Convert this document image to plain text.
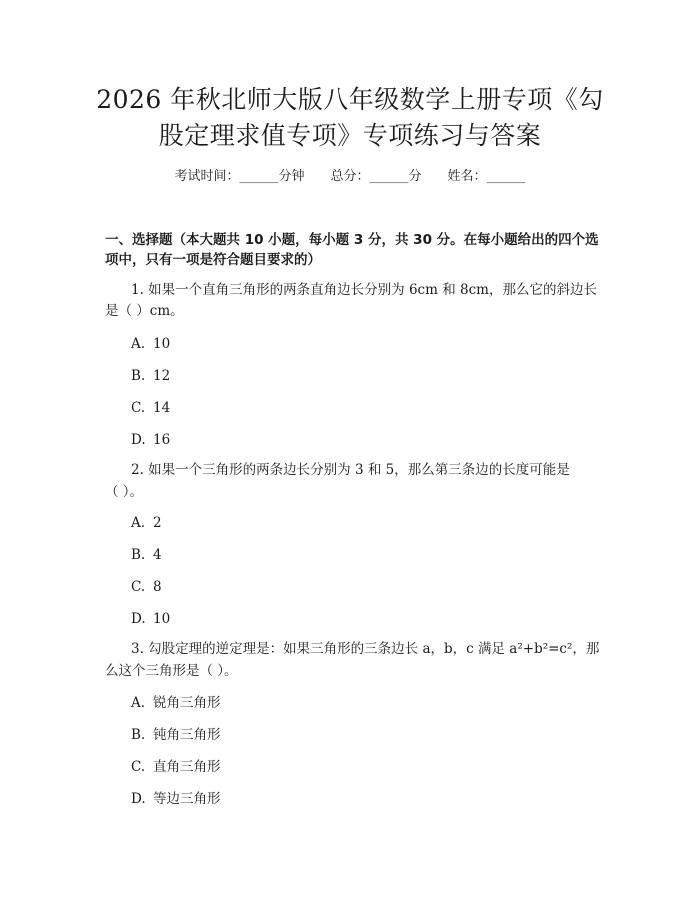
2026 年秋北师大版八年级数学上册专项《勾
股定理求值专项》专项练习与答案
考试时间：______分钟 总分：______分 姓名：______
一、选择题（本大题共 10 小题，每小题 3 分，共 30 分。在每小题给出的四个选
项中，只有一项是符合题目要求的）
1. 如果一个直角三角形的两条直角边长分别为 6cm 和 8cm，那么它的斜边长
是（ ）cm。
A. 10
B. 12
C. 14
D. 16
2. 如果一个三角形的两条边长分别为 3 和 5，那么第三条边的长度可能是
（ ）。
A. 2
B. 4
C. 8
D. 10
3. 勾股定理的逆定理是：如果三角形的三条边长 a，b，c 满足 a²+b²=c²，那
么这个三角形是（ ）。
A. 锐角三角形
B. 钝角三角形
C. 直角三角形
D. 等边三角形
